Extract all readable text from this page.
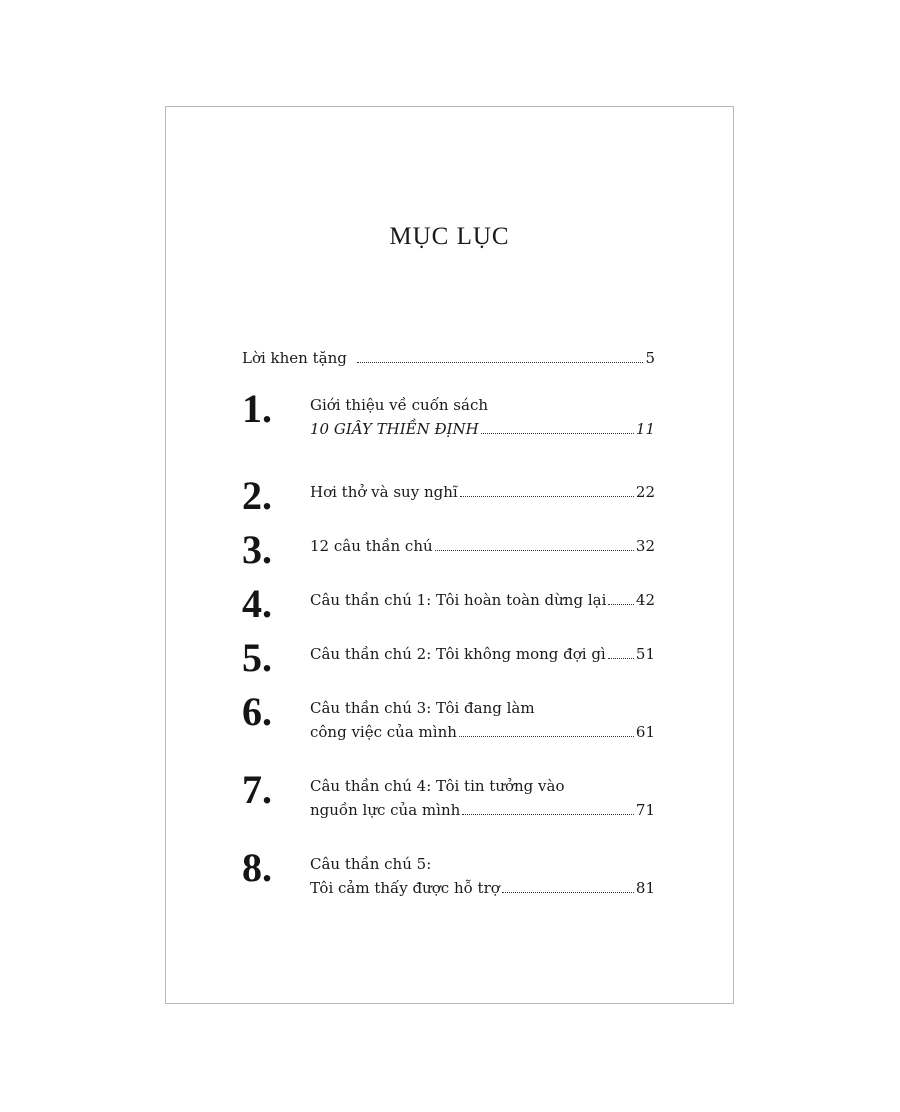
MỤC LỤC
Lời khen tặng	5
1.	Giới thiệu về cuốn sách
10 GIÂY THIỀN ĐỊNH	11
2.	Hơi thở và suy nghĩ	22
3.	12 câu thần chú	32
4.	Câu thần chú 1: Tôi hoàn toàn dừng lại 42
5.	Câu thần chú 2: Tôi không mong đợi gì 51
6.	Câu thần chú 3: Tôi đang làm
công việc của mình	61
7.	Câu thần chú 4: Tôi tin tưởng vào
nguồn lực của mình	71
8.	Câu thần chú 5:
Tôi cảm thấy được hỗ trợ	81
